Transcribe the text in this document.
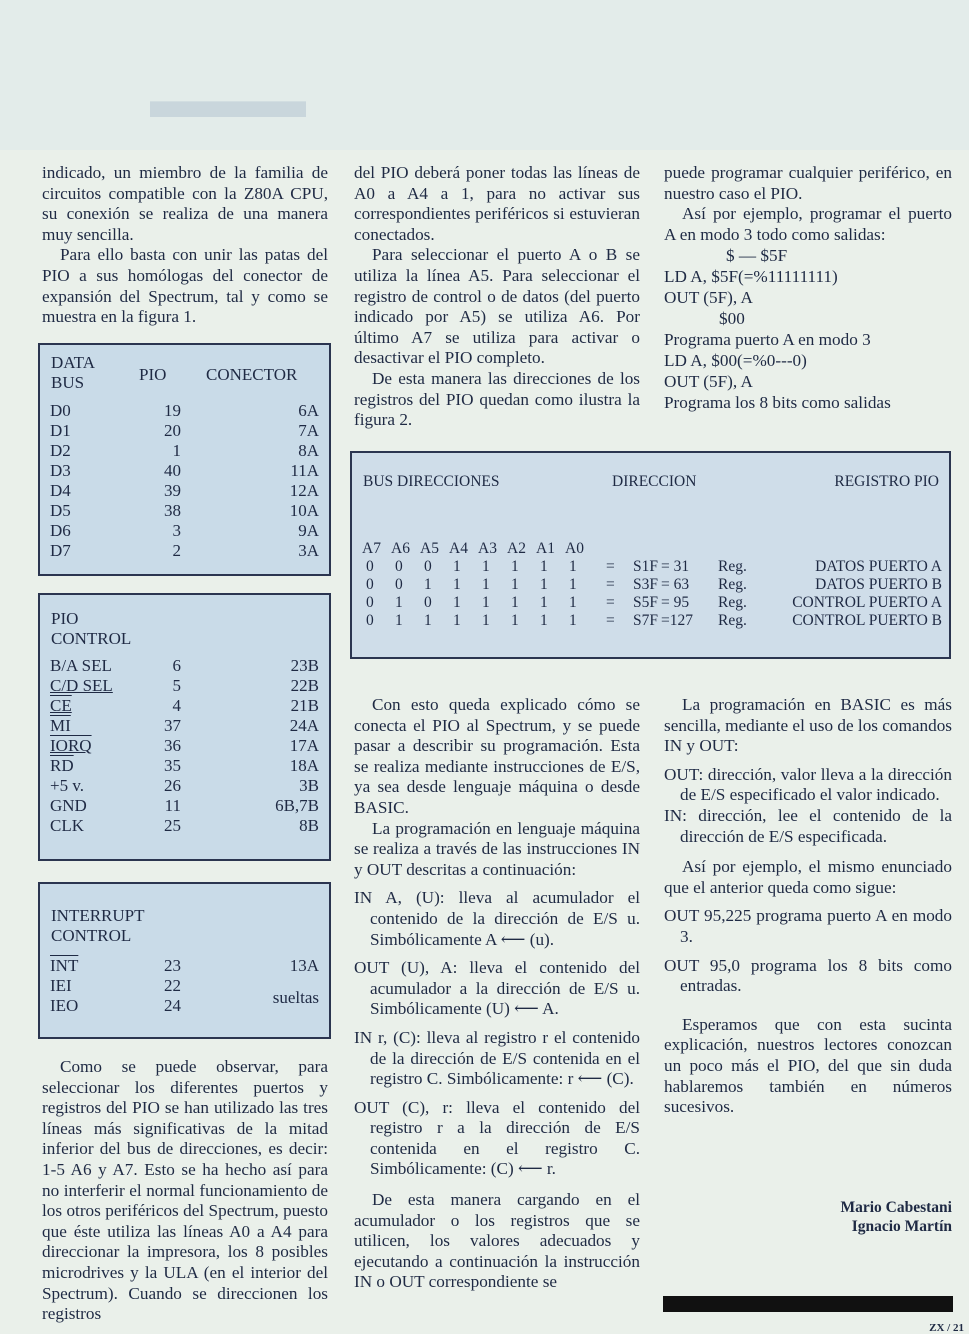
▬▬▬

indicado, un miembro de la familia de circuitos compatible con la Z80A CPU, su conexión se realiza de una manera muy sencilla.

Para ello basta con unir las patas del PIO a sus homólogas del conector de expansión del Spectrum, tal y como se muestra en la figura 1.

DATA
BUS	PIO CONECTOR
D0	19	6A
D1	20	7A
D2	1	8A
D3	40	11A
D4	39	12A
D5	38	10A
D6	3	9A
D7	2	3A
PIO
CONTROL
B/A SEL	6	23B
C/D SEL	5	22B
CE	4	21B
$\overline{MI}$	37	24A
IORQ	36	17A
$\overline{RD}$	35	18A
+5 v.	26	3B
GND	11	6B,7B
CLK	25	8B
INTERRUPT
CONTROL
$\overline{INT}$	23	13A
IEI	22
IEO	24	sueltas

Como se puede observar, para seleccionar los diferentes puertos y registros del PIO se han utilizado las tres líneas más significativas de la mitad inferior del bus de direcciones, es decir: 1-5 A6 y A7. Esto se ha hecho así para no interferir el normal funcionamiento de los otros periféricos del Spectrum, puesto que éste utiliza las líneas A0 a A4 para direccionar la impresora, los 8 posibles microdrives y la ULA (en el interior del Spectrum). Cuando se direccionen los registros

del PIO deberá poner todas las líneas de A0 a A4 a 1, para no activar sus correspondientes periféricos si estuvieran conectados.

Para seleccionar el puerto A o B se utiliza la línea A5. Para seleccionar el registro de control o de datos (del puerto indicado por A5) se utiliza A6. Por último A7 se utiliza para activar o desactivar el PIO completo.

De esta manera las direcciones de los registros del PIO quedan como ilustra la figura 2.

puede programar cualquier periférico, en nuestro caso el PIO.

Así por ejemplo, programar el puerto A en modo 3 todo como salidas:

$ — $5F
LD A, $5F(=%11111111)
OUT (5F), A
$00
Programa puerto A en modo 3
LD A, $00(=%0---0)
OUT (5F), A
Programa los 8 bits como salidas
BUS DIRECCIONES	DIRECCION	REGISTRO PIO
A7 A6 A5 A4 A3 A2 A1 A0
0 0 0 1 1 1 1 1 = S1F = 31 Reg.	DATOS PUERTO A
0 0 1 1 1 1 1 1 = S3F = 63 Reg.	DATOS PUERTO B
0 1 0 1 1 1 1 1 = S5F = 95 Reg.	CONTROL PUERTO A
0 1 1 1 1 1 1 1 = S7F =127 Reg.	CONTROL PUERTO B

Con esto queda explicado cómo se conecta el PIO al Spectrum, y se puede pasar a describir su programación. Esta se realiza mediante instrucciones de E/S, ya sea desde lenguaje máquina o desde BASIC.

La programación en lenguaje máquina se realiza a través de las instrucciones IN y OUT descritas a continuación:

IN A, (U): lleva al acumulador el contenido de la dirección de E/S u. Simbólicamente A ⟵ (u).

OUT (U), A: lleva el contenido del acumulador a la dirección de E/S u. Simbólicamente (U) ⟵ A.

IN r, (C): lleva al registro r el contenido de la dirección de E/S contenida en el registro C. Simbólicamente: r ⟵ (C).

OUT (C), r: lleva el contenido del registro r a la dirección de E/S contenida en el registro C. Simbólicamente: (C) ⟵ r.

De esta manera cargando en el acumulador o los registros que se utilicen, los valores adecuados y ejecutando a continuación la instrucción IN o OUT correspondiente se

La programación en BASIC es más sencilla, mediante el uso de los comandos IN y OUT:

OUT: dirección, valor lleva a la dirección de E/S especificado el valor indicado.

IN: dirección, lee el contenido de la dirección de E/S especificada.

Así por ejemplo, el mismo enunciado que el anterior queda como sigue:

OUT 95,225 programa puerto A en modo 3.

OUT 95,0 programa los 8 bits como entradas.

Esperamos que con esta sucinta explicación, nuestros lectores conozcan un poco más el PIO, del que sin duda hablaremos también en números sucesivos.

Mario Cabestani
Ignacio Martín
ZX / 21
